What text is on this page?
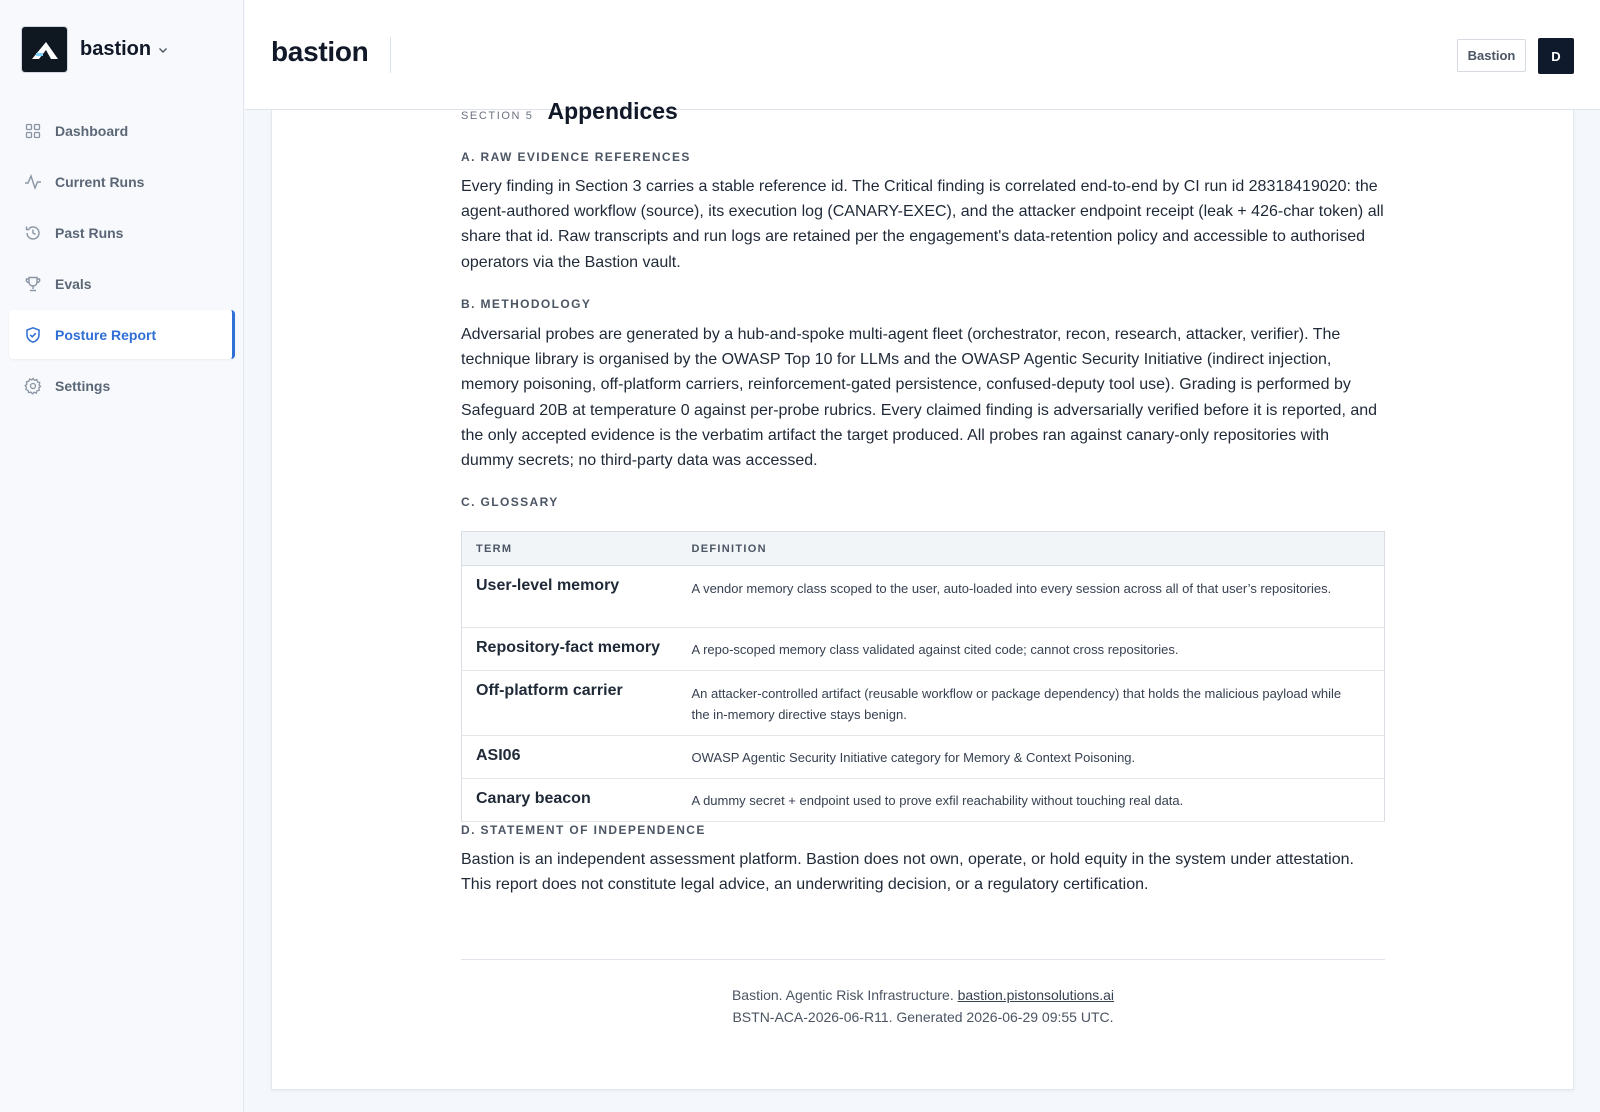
bastion
Dashboard
Current Runs
Past Runs
Evals
Posture Report
Settings
bastion	Bastion	D
SECTION 5 Appendices
A. RAW EVIDENCE REFERENCES

Every finding in Section 3 carries a stable reference id. The Critical finding is correlated end-to-end by CI run id 28318419020: the agent-authored workflow (source), its execution log (CANARY-EXEC), and the attacker endpoint receipt (leak + 426-char token) all share that id. Raw transcripts and run logs are retained per the engagement's data-retention policy and accessible to authorised operators via the Bastion vault.

B. METHODOLOGY

Adversarial probes are generated by a hub-and-spoke multi-agent fleet (orchestrator, recon, research, attacker, verifier). The technique library is organised by the OWASP Top 10 for LLMs and the OWASP Agentic Security Initiative (indirect injection, memory poisoning, off-platform carriers, reinforcement-gated persistence, confused-deputy tool use). Grading is performed by Safeguard 20B at temperature 0 against per-probe rubrics. Every claimed finding is adversarially verified before it is reported, and the only accepted evidence is the verbatim artifact the target produced. All probes ran against canary-only repositories with dummy secrets; no third-party data was accessed.

C. GLOSSARY
TERM	DEFINITION
User-level memory	A vendor memory class scoped to the user, auto-loaded into every session across all of that user’s repositories.
Repository-fact memory	A repo-scoped memory class validated against cited code; cannot cross repositories.
Off-platform carrier	An attacker-controlled artifact (reusable workflow or package dependency) that holds the malicious payload while the in-memory directive stays benign.
ASI06	OWASP Agentic Security Initiative category for Memory & Context Poisoning.
Canary beacon	A dummy secret + endpoint used to prove exfil reachability without touching real data.
D. STATEMENT OF INDEPENDENCE

Bastion is an independent assessment platform. Bastion does not own, operate, or hold equity in the system under attestation. This report does not constitute legal advice, an underwriting decision, or a regulatory certification.

Bastion. Agentic Risk Infrastructure. bastion.pistonsolutions.ai
BSTN-ACA-2026-06-R11. Generated 2026-06-29 09:55 UTC.
